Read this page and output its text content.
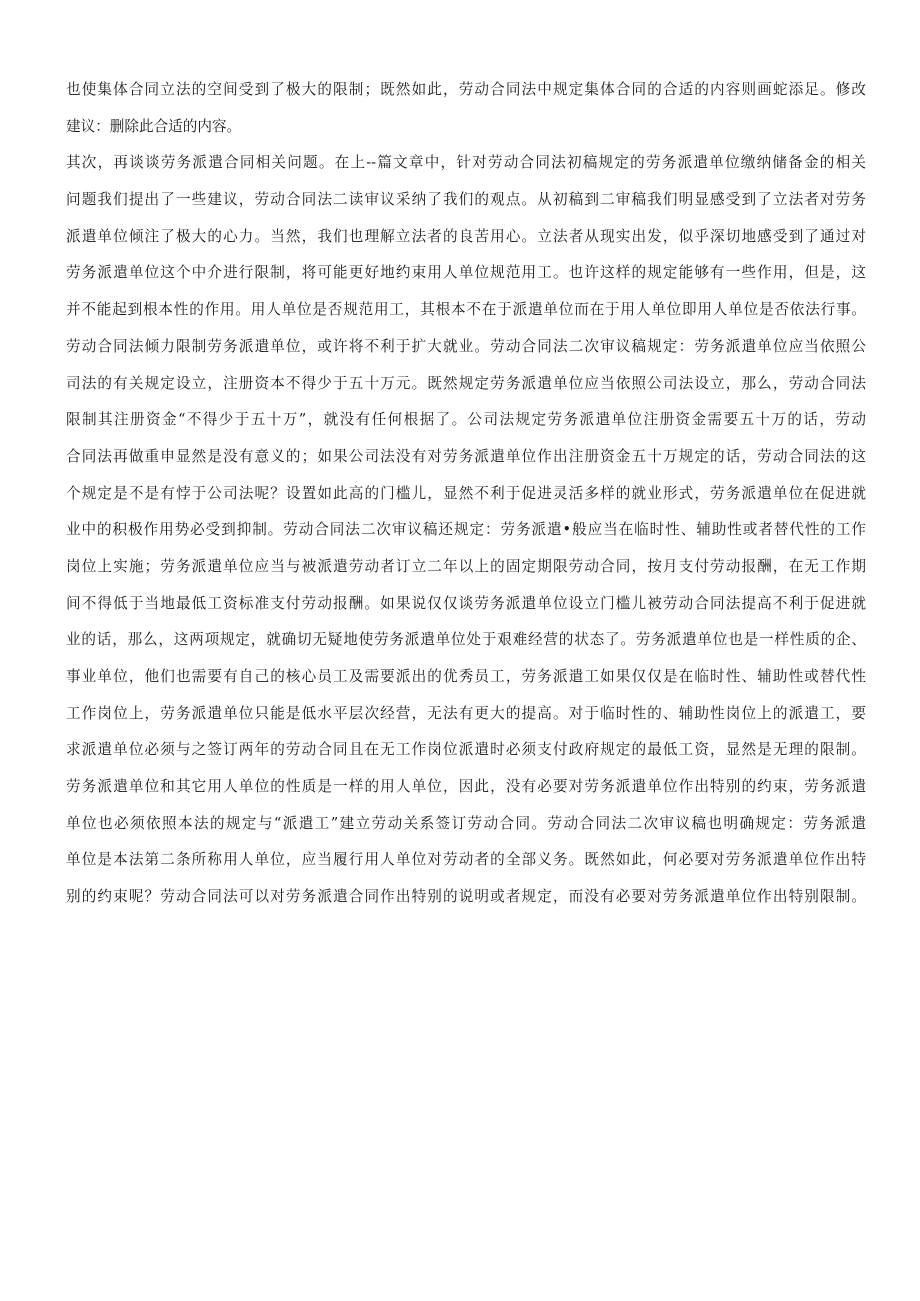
也使集体合同立法的空间受到了极大的限制；既然如此，劳动合同法中规定集体合同的合适的内容则画蛇添足。修改
建议：删除此合适的内容。
其次，再谈谈劳务派遣合同相关问题。在上--篇文章中，针对劳动合同法初稿规定的劳务派遣单位缴纳储备金的相关
问题我们提出了一些建议，劳动合同法二读审议采纳了我们的观点。从初稿到二审稿我们明显感受到了立法者对劳务
派遣单位倾注了极大的心力。当然，我们也理解立法者的良苦用心。立法者从现实出发，似乎深切地感受到了通过对
劳务派遣单位这个中介进行限制，将可能更好地约束用人单位规范用工。也许这样的规定能够有一些作用，但是，这
并不能起到根本性的作用。用人单位是否规范用工，其根本不在于派遣单位而在于用人单位即用人单位是否依法行事。
劳动合同法倾力限制劳务派遣单位，或许将不利于扩大就业。劳动合同法二次审议稿规定：劳务派遣单位应当依照公
司法的有关规定设立，注册资本不得少于五十万元。既然规定劳务派遣单位应当依照公司法设立，那么，劳动合同法
限制其注册资金“不得少于五十万”，就没有任何根据了。公司法规定劳务派遣单位注册资金需要五十万的话，劳动
合同法再做重申显然是没有意义的；如果公司法没有对劳务派遣单位作出注册资金五十万规定的话，劳动合同法的这
个规定是不是有悖于公司法呢？设置如此高的门槛儿，显然不利于促进灵活多样的就业形式，劳务派遣单位在促进就
业中的积极作用势必受到抑制。劳动合同法二次审议稿还规定：劳务派遣•般应当在临时性、辅助性或者替代性的工作
岗位上实施；劳务派遣单位应当与被派遣劳动者订立二年以上的固定期限劳动合同，按月支付劳动报酬，在无工作期
间不得低于当地最低工资标准支付劳动报酬。如果说仅仅谈劳务派遣单位设立门槛儿被劳动合同法提高不利于促进就
业的话，那么，这两项规定，就确切无疑地使劳务派遣单位处于艰难经营的状态了。劳务派遣单位也是一样性质的企、
事业单位，他们也需要有自己的核心员工及需要派出的优秀员工，劳务派遣工如果仅仅是在临时性、辅助性或替代性
工作岗位上，劳务派遣单位只能是低水平层次经营，无法有更大的提高。对于临时性的、辅助性岗位上的派遣工，要
求派遣单位必须与之签订两年的劳动合同且在无工作岗位派遣时必须支付政府规定的最低工资，显然是无理的限制。
劳务派遣单位和其它用人单位的性质是一样的用人单位，因此，没有必要对劳务派遣单位作出特别的约束，劳务派遣
单位也必须依照本法的规定与“派遣工”建立劳动关系签订劳动合同。劳动合同法二次审议稿也明确规定：劳务派遣
单位是本法第二条所称用人单位，应当履行用人单位对劳动者的全部义务。既然如此，何必要对劳务派遣单位作出特
别的约束呢？劳动合同法可以对劳务派遣合同作出特别的说明或者规定，而没有必要对劳务派遣单位作出特别限制。
